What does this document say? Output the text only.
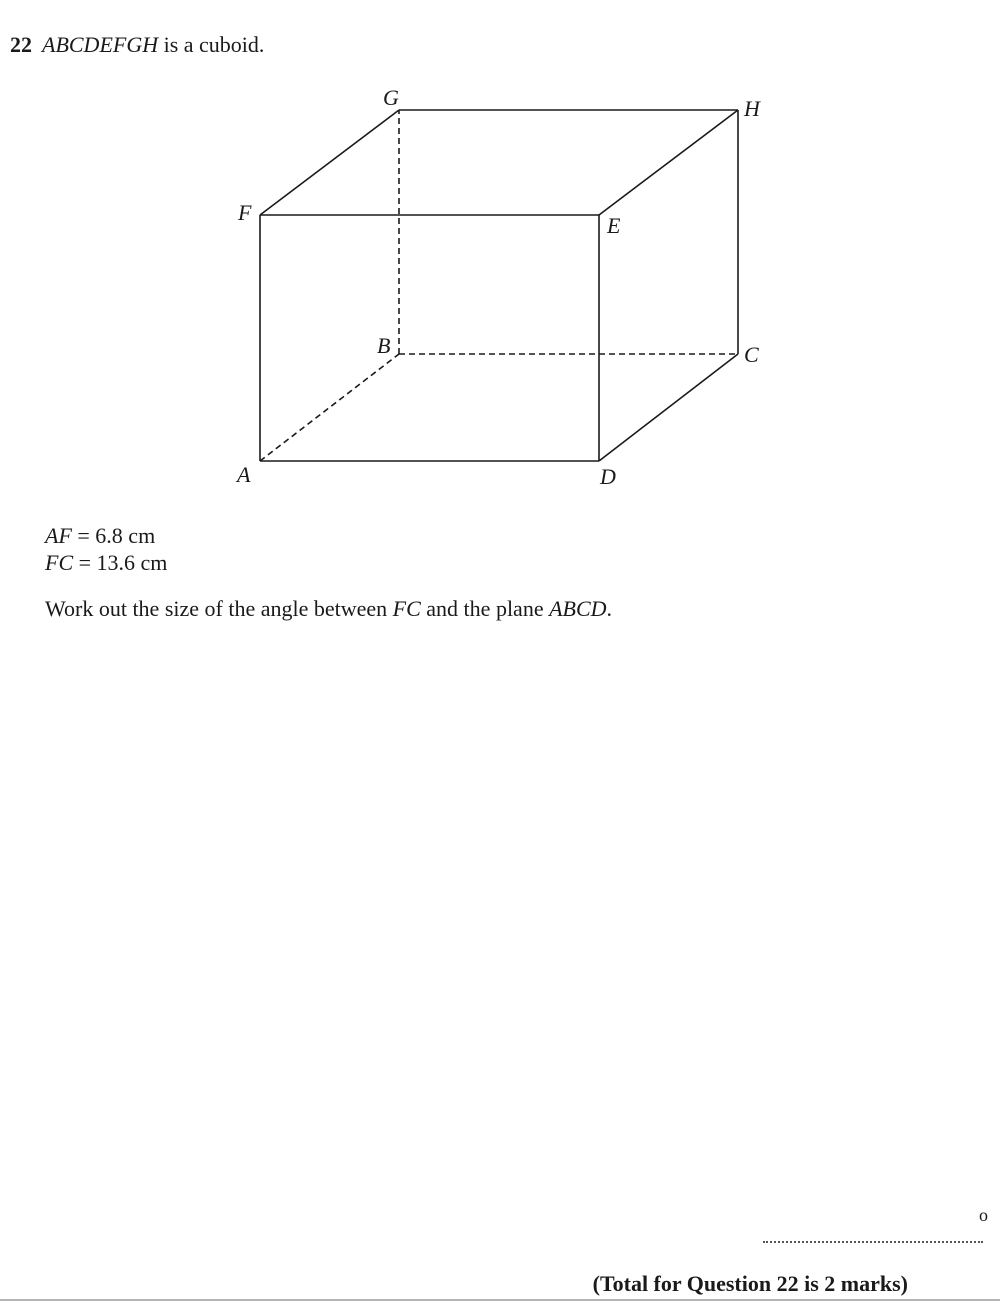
22 ABCDEFGH is a cuboid.
A
B	C
D
E
F
G	H
AF = 6.8 cm
FC = 13.6 cm
Work out the size of the angle between FC and the plane ABCD.
o
(Total for Question 22 is 2 marks)
